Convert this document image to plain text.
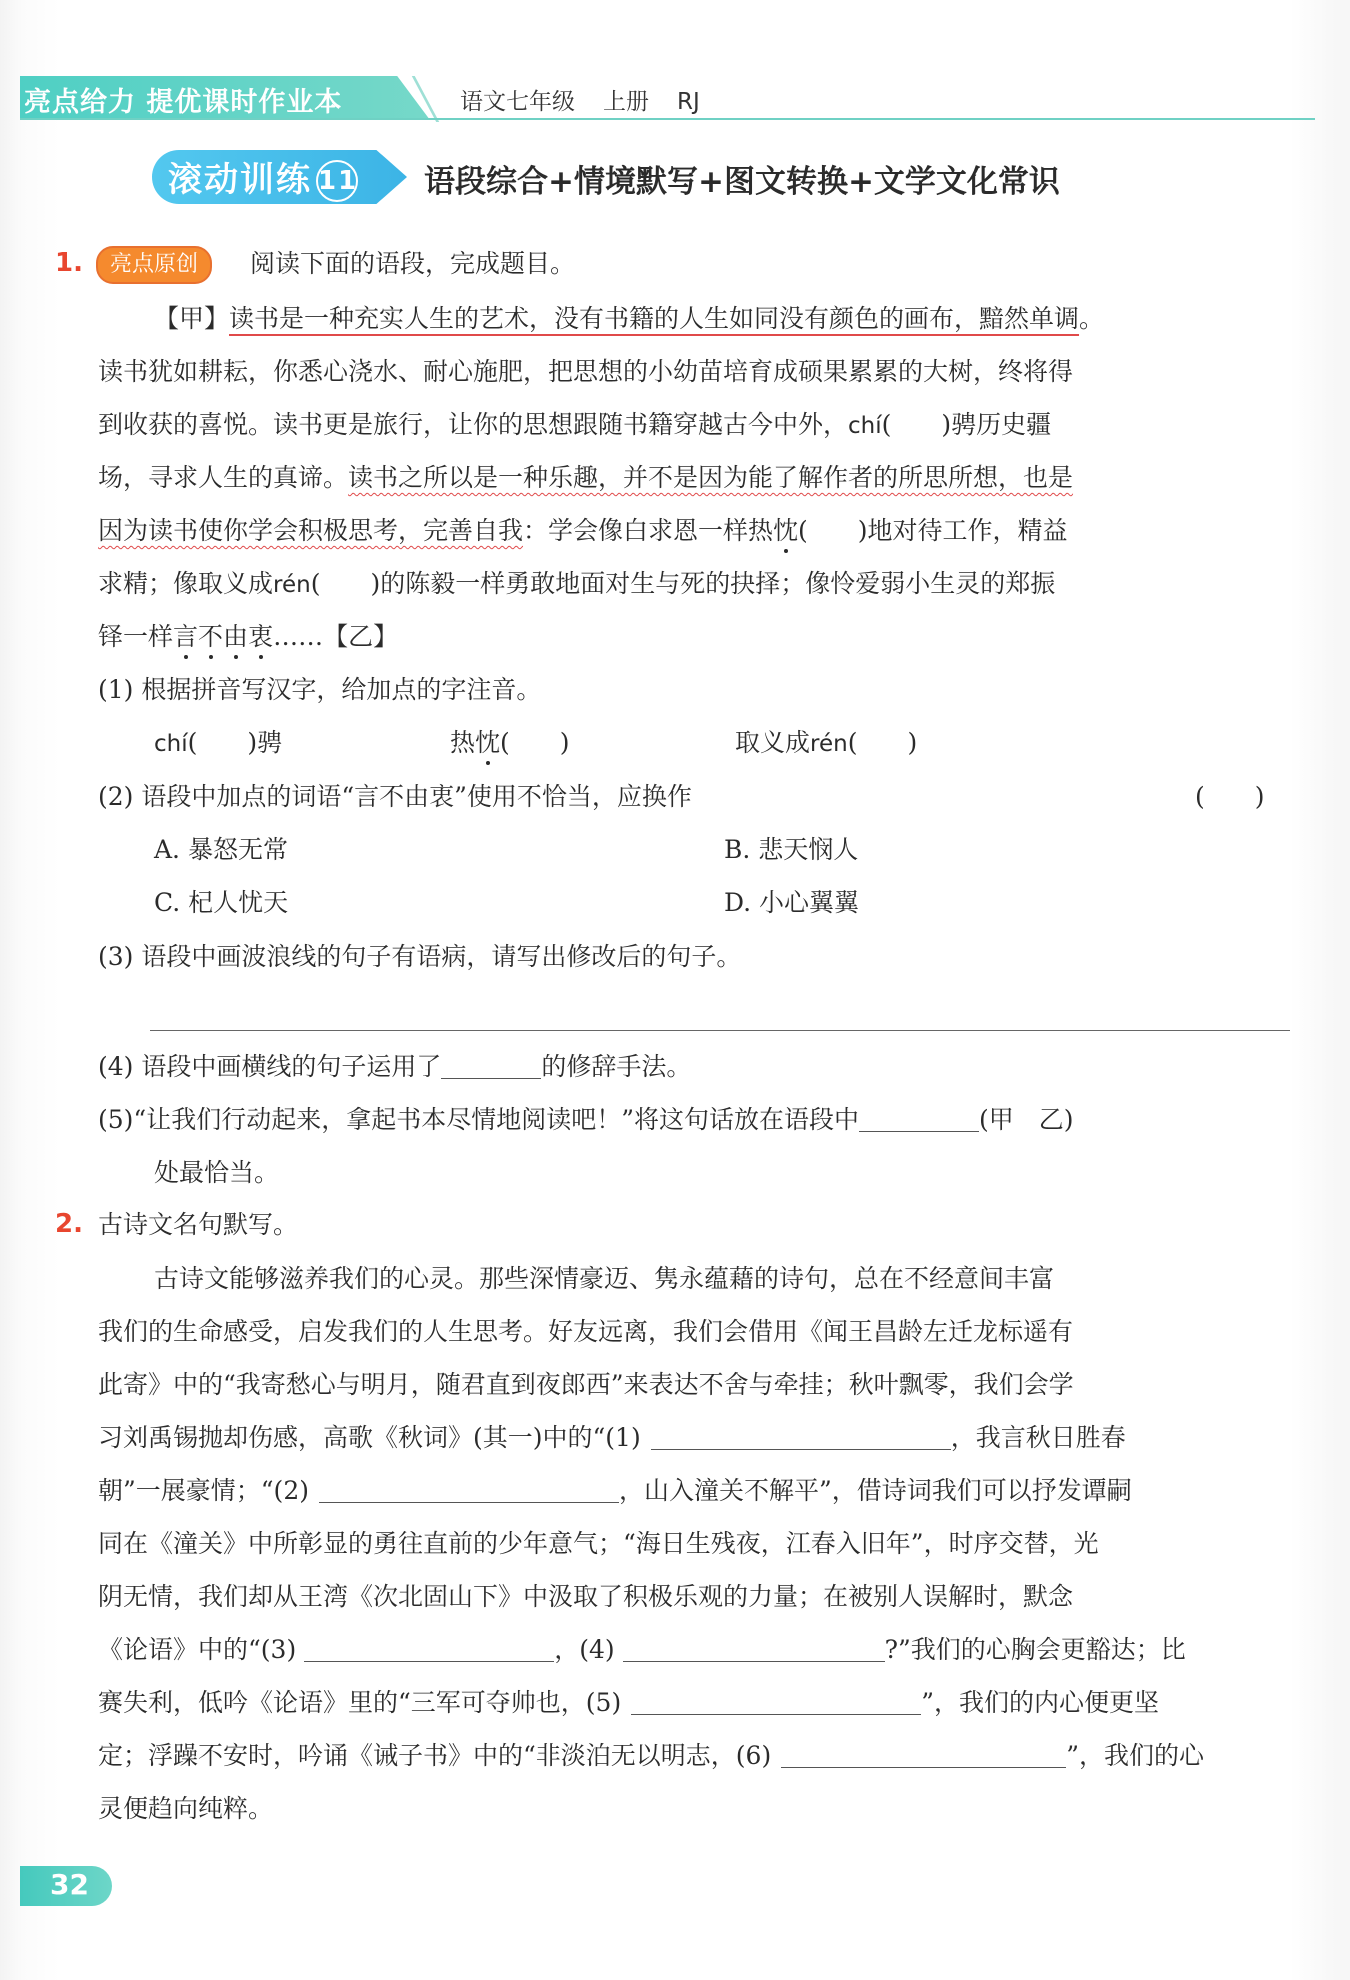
亮点给力 提优课时作业本	语文七年级 上册 RJ
滚动训练 11 语段综合+情境默写+图文转换+文学文化常识
1.	亮点原创	阅读下面的语段，完成题目。
【甲】读书是一种充实人生的艺术，没有书籍的人生如同没有颜色的画布，黯然单调。
读书犹如耕耘，你悉心浇水、耐心施肥，把思想的小幼苗培育成硕果累累的大树，终将得
到收获的喜悦。读书更是旅行，让你的思想跟随书籍穿越古今中外，chí(　　)骋历史疆
场，寻求人生的真谛。读书之所以是一种乐趣，并不是因为能了解作者的所思所想，也是
因为读书使你学会积极思考，完善自我：学会像白求恩一样热忱(　　)地对待工作，精益
求精；像取义成rén(　　)的陈毅一样勇敢地面对生与死的抉择；像怜爱弱小生灵的郑振
铎一样言不由衷……【乙】
(1) 根据拼音写汉字，给加点的字注音。
chí(　　)骋	热忱(　　)	取义成rén(　　)
(2) 语段中加点的词语“言不由衷”使用不恰当，应换作	(　　)
A. 暴怒无常	B. 悲天悯人
C. 杞人忧天	D. 小心翼翼
(3) 语段中画波浪线的句子有语病，请写出修改后的句子。
(4) 语段中画横线的句子运用了	的修辞手法。
(5)“让我们行动起来，拿起书本尽情地阅读吧！”将这句话放在语段中	(甲　乙)
处最恰当。
2. 古诗文名句默写。
古诗文能够滋养我们的心灵。那些深情豪迈、隽永蕴藉的诗句，总在不经意间丰富
我们的生命感受，启发我们的人生思考。好友远离，我们会借用《闻王昌龄左迁龙标遥有
此寄》中的“我寄愁心与明月，随君直到夜郎西”来表达不舍与牵挂；秋叶飘零，我们会学
习刘禹锡抛却伤感，高歌《秋词》(其一)中的“(1)	，我言秋日胜春
朝”一展豪情；“(2)	，山入潼关不解平”，借诗词我们可以抒发谭嗣
同在《潼关》中所彰显的勇往直前的少年意气；“海日生残夜，江春入旧年”，时序交替，光
阴无情，我们却从王湾《次北固山下》中汲取了积极乐观的力量；在被别人误解时，默念
《论语》中的“(3)	，(4)	?”我们的心胸会更豁达；比
赛失利，低吟《论语》里的“三军可夺帅也，(5)	”，我们的内心便更坚
定；浮躁不安时，吟诵《诫子书》中的“非淡泊无以明志，(6)	”，我们的心
灵便趋向纯粹。
32
